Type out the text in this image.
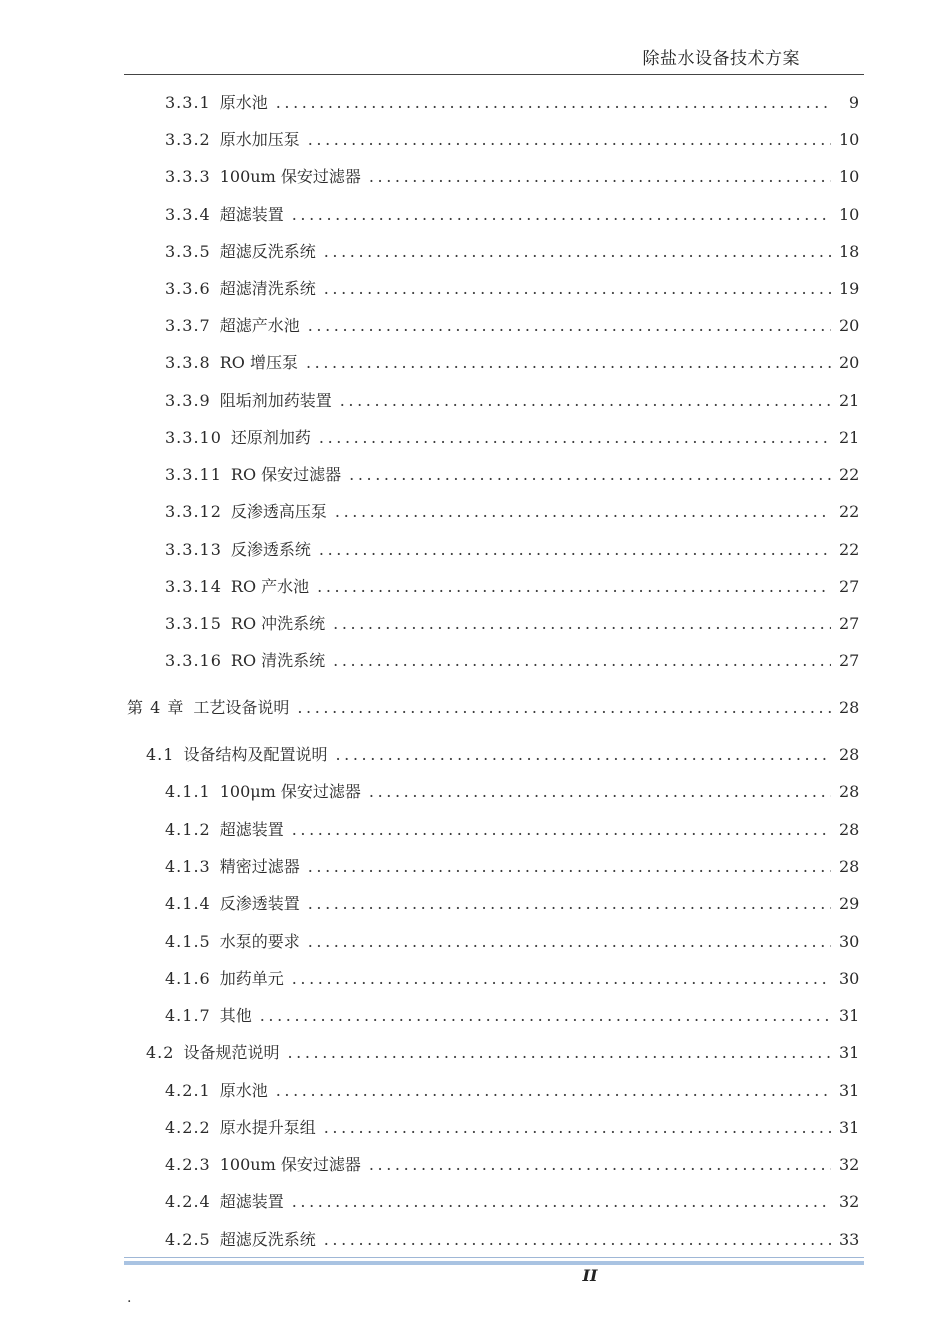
除盐水设备技术方案
3.3.1 原水池 .....	9
3.3.2 原水加压泵 .....	10
3.3.3 100um 保安过滤器 .....	10
3.3.4 超滤装置 .....	10
3.3.5 超滤反洗系统 .....	18
3.3.6 超滤清洗系统 .....	19
3.3.7 超滤产水池 .....	20
3.3.8 RO 增压泵 .....	20
3.3.9 阻垢剂加药装置 .....	21
3.3.10 还原剂加药 .....	21
3.3.11 RO 保安过滤器 .....	22
3.3.12 反渗透高压泵 .....	22
3.3.13 反渗透系统 .....	22
3.3.14 RO 产水池 .....	27
3.3.15 RO 冲洗系统 .....	27
3.3.16 RO 清洗系统 .....	27
第 4 章 工艺设备说明 .....	28
4.1 设备结构及配置说明 .....	28
4.1.1 100μm 保安过滤器 .....	28
4.1.2 超滤装置 .....	28
4.1.3 精密过滤器 .....	28
4.1.4 反渗透装置 .....	29
4.1.5 水泵的要求 .....	30
4.1.6 加药单元 .....	30
4.1.7 其他 .....	31
4.2 设备规范说明 .....	31
4.2.1 原水池 .....	31
4.2.2 原水提升泵组 .....	31
4.2.3 100um 保安过滤器 .....	32
4.2.4 超滤装置 .....	32
4.2.5 超滤反洗系统 .....	33
II
.
